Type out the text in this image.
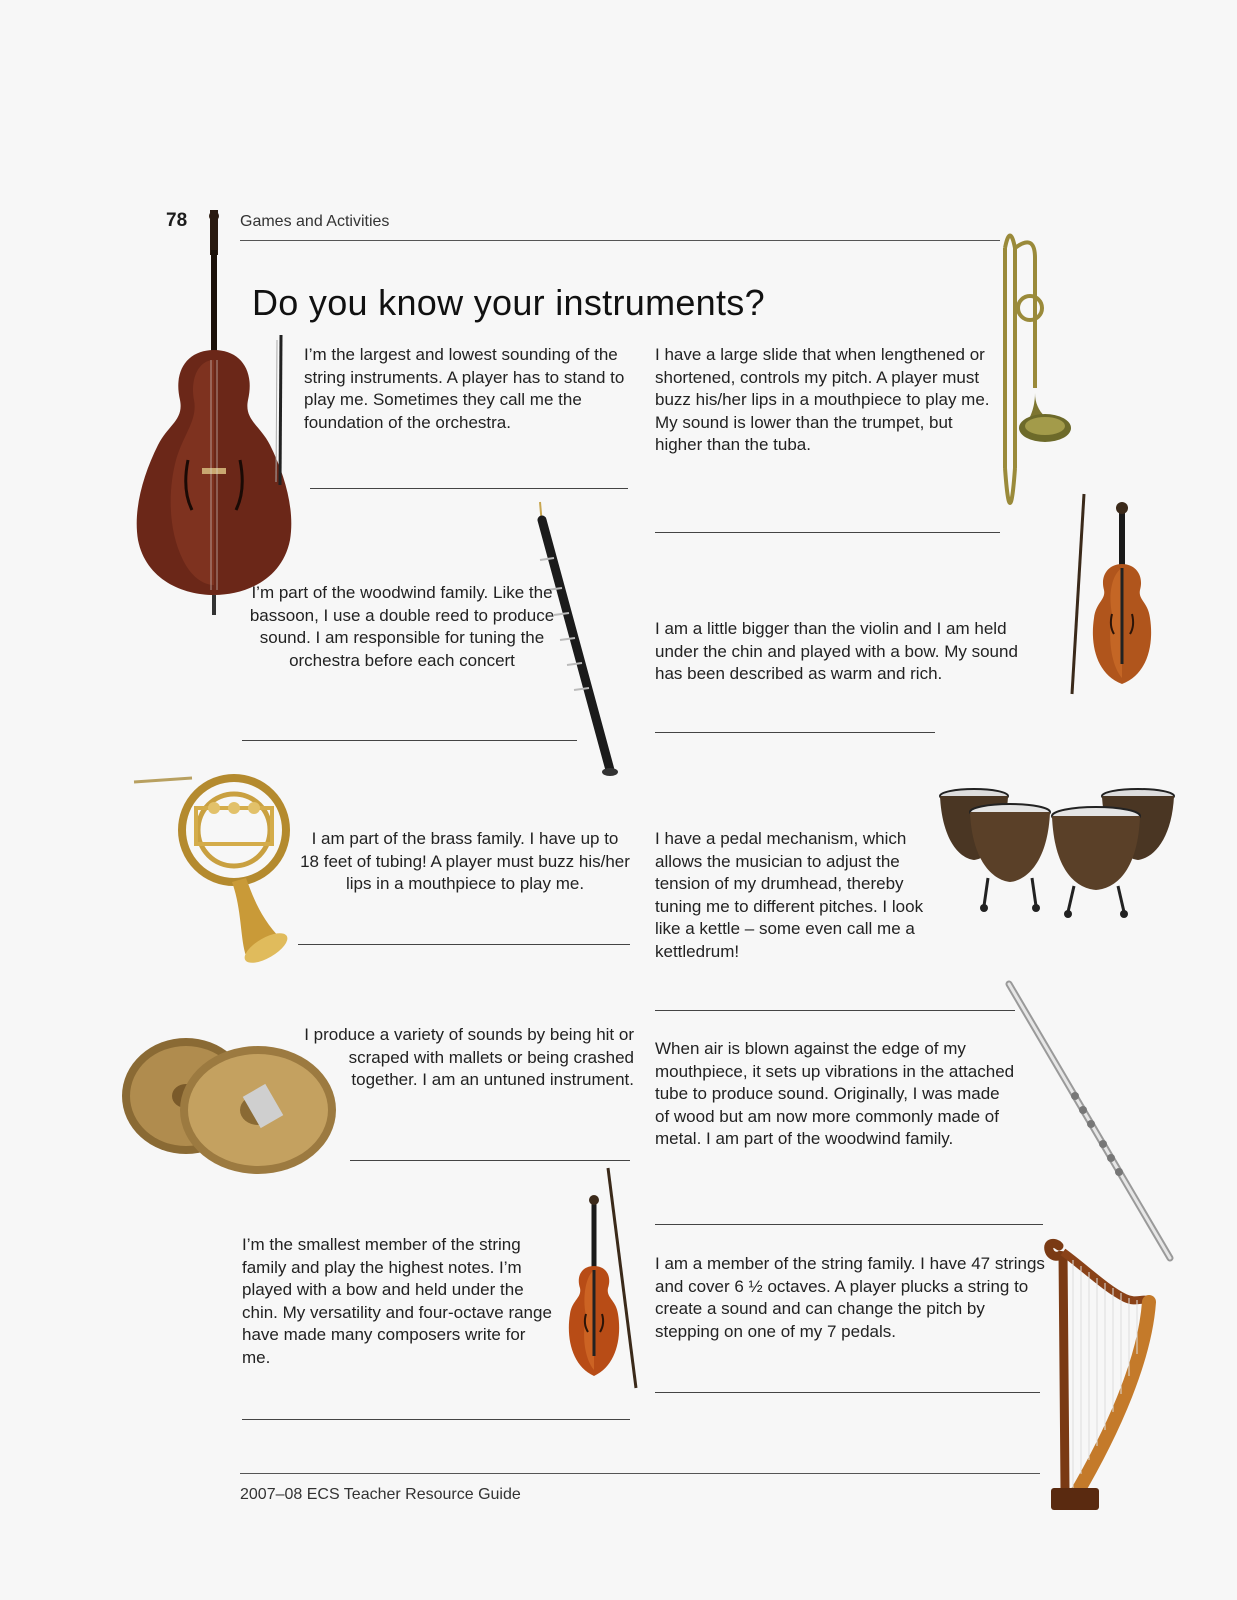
78	Games and Activities
Do you know your instruments?
I’m the largest and lowest sounding of the string instruments. A player has to stand to play me. Sometimes they call me the foundation of the orchestra.
I have a large slide that when lengthened or shortened, controls my pitch. A player must buzz his/her lips in a mouthpiece to play me. My sound is lower than the trumpet, but higher than the tuba.
I’m part of the woodwind family. Like the bassoon, I use a double reed to produce sound. I am responsible for tuning the orchestra before each concert
I am a little bigger than the violin and I am held under the chin and played with a bow. My sound has been described as warm and rich.
I am part of the brass family. I have up to 18 feet of tubing! A player must buzz his/her lips in a mouthpiece to play me.
I have a pedal mechanism, which allows the musician to adjust the tension of my drumhead, thereby tuning me to different pitches. I look like a kettle – some even call me a kettledrum!
I produce a variety of sounds by being hit or scraped with mallets or being crashed together. I am an untuned instrument.
When air is blown against the edge of my mouthpiece, it sets up vibrations in the attached tube to produce sound. Originally, I was made of wood but am now more commonly made of metal. I am part of the woodwind family.
I’m the smallest member of the string family and play the highest notes. I’m played with a bow and held under the chin. My versatility and four-octave range have made many composers write for me.
I am a member of the string family. I have 47 strings and cover 6 ½ octaves. A player plucks a string to create a sound and can change the pitch by stepping on one of my 7 pedals.
2007–08 ECS Teacher Resource Guide
